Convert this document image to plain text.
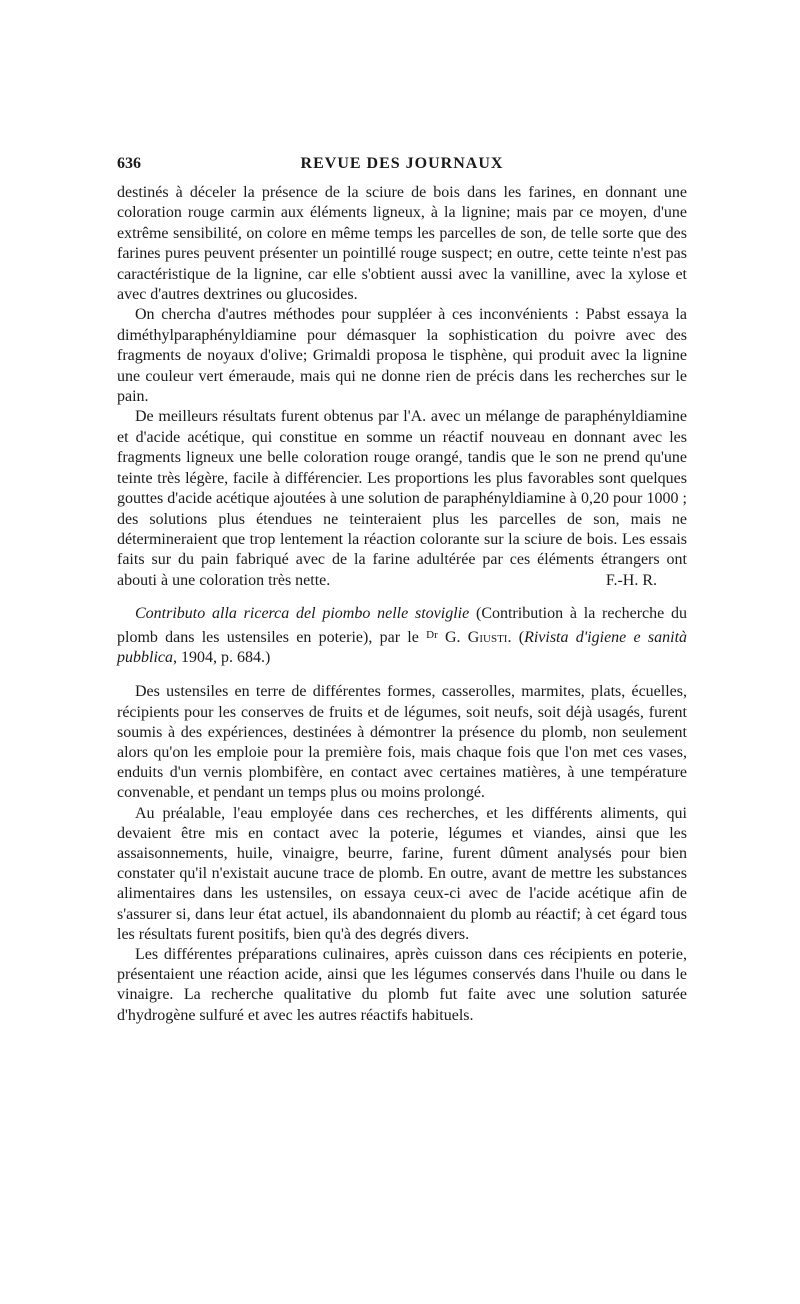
636	REVUE DES JOURNAUX

destinés à déceler la présence de la sciure de bois dans les farines, en donnant une coloration rouge carmin aux éléments ligneux, à la lignine; mais par ce moyen, d'une extrême sensibilité, on colore en même temps les parcelles de son, de telle sorte que des farines pures peuvent présenter un pointillé rouge suspect; en outre, cette teinte n'est pas caractéristique de la lignine, car elle s'obtient aussi avec la vanilline, avec la xylose et avec d'autres dextrines ou glucosides.

On chercha d'autres méthodes pour suppléer à ces inconvénients : Pabst essaya la diméthylparaphényldiamine pour démasquer la sophistication du poivre avec des fragments de noyaux d'olive; Grimaldi proposa le tisphène, qui produit avec la lignine une couleur vert émeraude, mais qui ne donne rien de précis dans les recherches sur le pain.

De meilleurs résultats furent obtenus par l'A. avec un mélange de paraphényldiamine et d'acide acétique, qui constitue en somme un réactif nouveau en donnant avec les fragments ligneux une belle coloration rouge orangé, tandis que le son ne prend qu'une teinte très légère, facile à différencier. Les proportions les plus favorables sont quelques gouttes d'acide acétique ajoutées à une solution de paraphényldiamine à 0,20 pour 1000 ; des solutions plus étendues ne teinteraient plus les parcelles de son, mais ne détermineraient que trop lentement la réaction colorante sur la sciure de bois. Les essais faits sur du pain fabriqué avec de la farine adultérée par ces éléments étrangers ont abouti à une coloration très nette.	F.-H. R.

Contributo alla ricerca del piombo nelle stoviglie (Contribution à la recherche du plomb dans les ustensiles en poterie), par le $^{Dr}$ G. Giusti. (Rivista d'igiene e sanità pubblica, 1904, p. 684.)

Des ustensiles en terre de différentes formes, casserolles, marmites, plats, écuelles, récipients pour les conserves de fruits et de légumes, soit neufs, soit déjà usagés, furent soumis à des expériences, destinées à démontrer la présence du plomb, non seulement alors qu'on les emploie pour la première fois, mais chaque fois que l'on met ces vases, enduits d'un vernis plombifère, en contact avec certaines matières, à une température convenable, et pendant un temps plus ou moins prolongé.

Au préalable, l'eau employée dans ces recherches, et les différents aliments, qui devaient être mis en contact avec la poterie, légumes et viandes, ainsi que les assaisonnements, huile, vinaigre, beurre, farine, furent dûment analysés pour bien constater qu'il n'existait aucune trace de plomb. En outre, avant de mettre les substances alimentaires dans les ustensiles, on essaya ceux-ci avec de l'acide acétique afin de s'assurer si, dans leur état actuel, ils abandonnaient du plomb au réactif; à cet égard tous les résultats furent positifs, bien qu'à des degrés divers.

Les différentes préparations culinaires, après cuisson dans ces récipients en poterie, présentaient une réaction acide, ainsi que les légumes conservés dans l'huile ou dans le vinaigre. La recherche qualitative du plomb fut faite avec une solution saturée d'hydrogène sulfuré et avec les autres réactifs habituels.
